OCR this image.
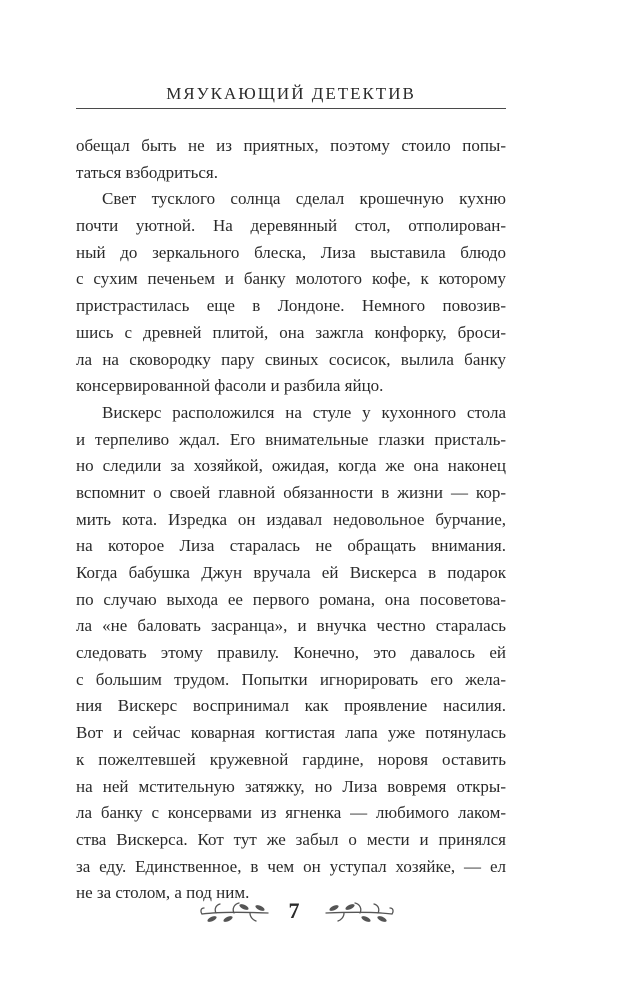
МЯУКАЮЩИЙ ДЕТЕКТИВ
обещал быть не из приятных, поэтому стоило попы-
таться взбодриться.
Свет тусклого солнца сделал крошечную кухню
почти уютной. На деревянный стол, отполирован-
ный до зеркального блеска, Лиза выставила блюдо
с сухим печеньем и банку молотого кофе, к которому
пристрастилась еще в Лондоне. Немного повозив-
шись с древней плитой, она зажгла конфорку, броси-
ла на сковородку пару свиных сосисок, вылила банку
консервированной фасоли и разбила яйцо.
Вискерс расположился на стуле у кухонного стола
и терпеливо ждал. Его внимательные глазки присталь-
но следили за хозяйкой, ожидая, когда же она наконец
вспомнит о своей главной обязанности в жизни — кор-
мить кота. Изредка он издавал недовольное бурчание,
на которое Лиза старалась не обращать внимания.
Когда бабушка Джун вручала ей Вискерса в подарок
по случаю выхода ее первого романа, она посоветова-
ла «не баловать засранца», и внучка честно старалась
следовать этому правилу. Конечно, это давалось ей
с большим трудом. Попытки игнорировать его жела-
ния Вискерс воспринимал как проявление насилия.
Вот и сейчас коварная когтистая лапа уже потянулась
к пожелтевшей кружевной гардине, норовя оставить
на ней мстительную затяжку, но Лиза вовремя откры-
ла банку с консервами из ягненка — любимого лаком-
ства Вискерса. Кот тут же забыл о мести и принялся
за еду. Единственное, в чем он уступал хозяйке, — ел
не за столом, а под ним.
7
